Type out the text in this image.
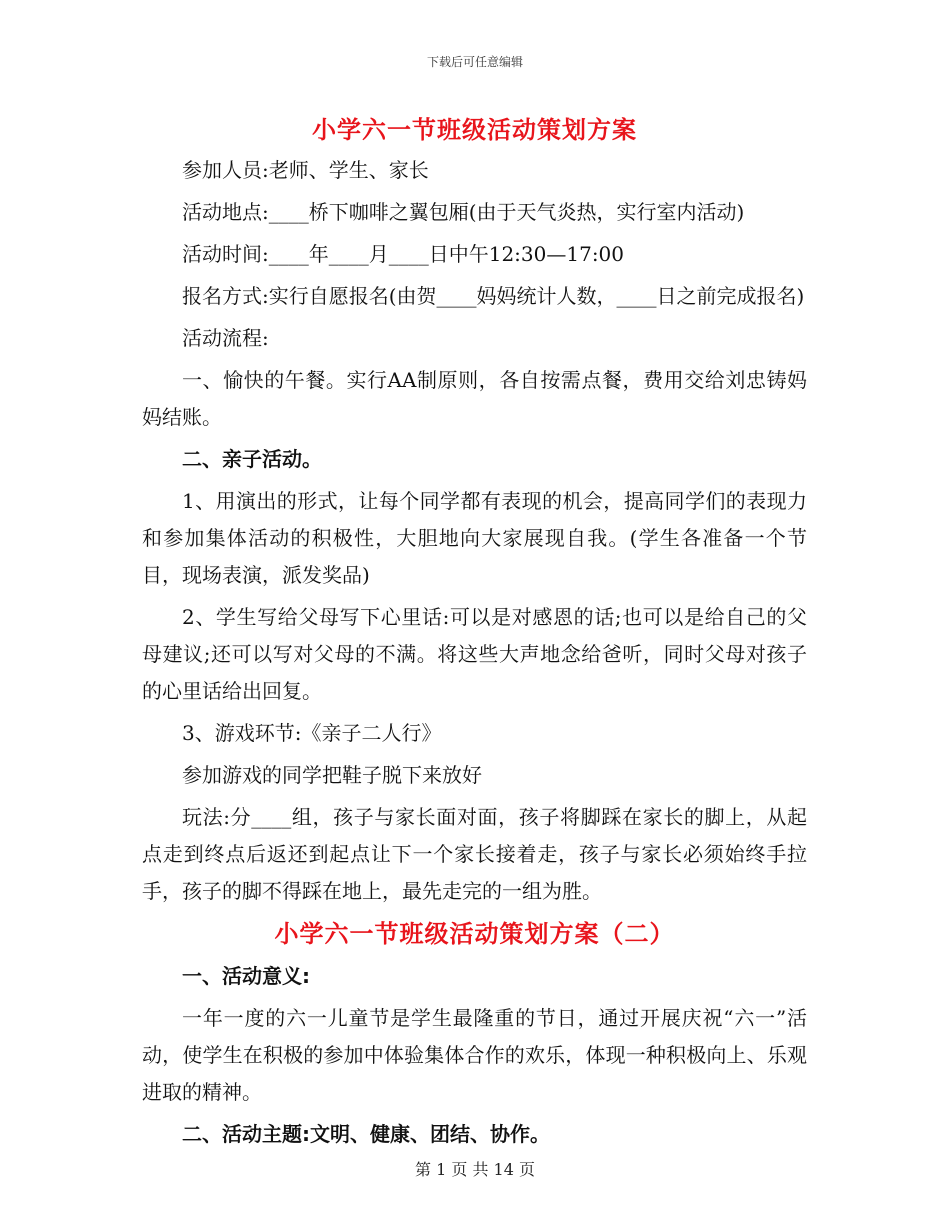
下载后可任意编辑
小学六一节班级活动策划方案

参加人员:老师、学生、家长

活动地点:____桥下咖啡之翼包厢(由于天气炎热，实行室内活动)

活动时间:____年____月____日中午12:30—17:00

报名方式:实行自愿报名(由贺____妈妈统计人数，____日之前完成报名)

活动流程:

一、愉快的午餐。实行AA制原则，各自按需点餐，费用交给刘忠铸妈妈结账。

二、亲子活动。

1、用演出的形式，让每个同学都有表现的机会，提高同学们的表现力和参加集体活动的积极性，大胆地向大家展现自我。(学生各准备一个节目，现场表演，派发奖品)

2、学生写给父母写下心里话:可以是对感恩的话;也可以是给自己的父母建议;还可以写对父母的不满。将这些大声地念给爸听，同时父母对孩子的心里话给出回复。

3、游戏环节:《亲子二人行》

参加游戏的同学把鞋子脱下来放好

玩法:分____组，孩子与家长面对面，孩子将脚踩在家长的脚上，从起点走到终点后返还到起点让下一个家长接着走，孩子与家长必须始终手拉手，孩子的脚不得踩在地上，最先走完的一组为胜。

小学六一节班级活动策划方案（二）

一、活动意义:

一年一度的六一儿童节是学生最隆重的节日，通过开展庆祝“六一”活动，使学生在积极的参加中体验集体合作的欢乐，体现一种积极向上、乐观进取的精神。

二、活动主题:文明、健康、团结、协作。

第 1 页 共 14 页
